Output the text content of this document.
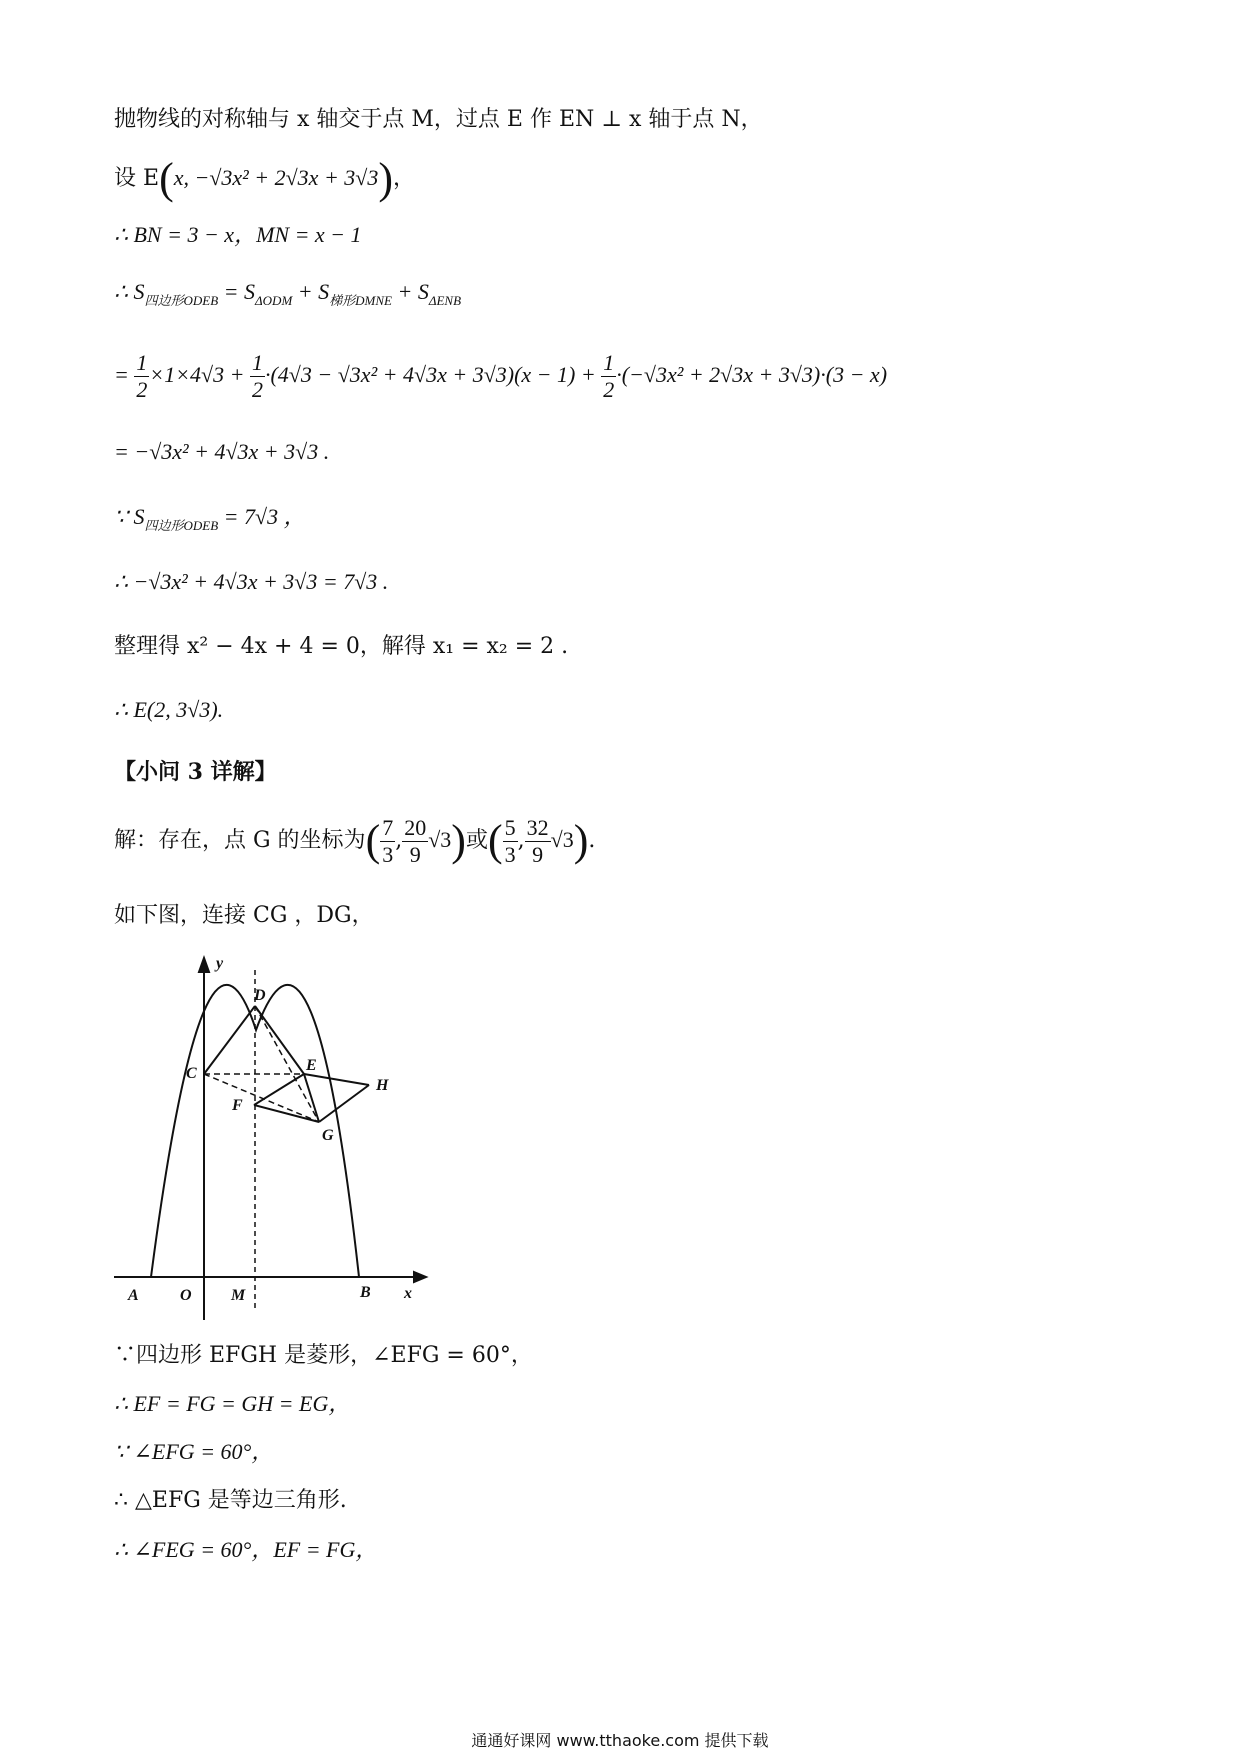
抛物线的对称轴与 x 轴交于点 M，过点 E 作 EN ⊥ x 轴于点 N，
设 E(x, −√3x² + 2√3x + 3√3)，
∴ BN = 3 − x，MN = x − 1
∴ $S_{四边形ODEB} = S_{\Delta ODM} + S_{梯形DMNE} + S_{\Delta ENB}$
= $\frac{1}{2} \times 1\times 4√3 + \frac{1}{2} \cdot(4√3 - √3x^2 + 4√3x + 3√3)(x - 1) + \frac{1}{2} \cdot(-√3x^2 + 2√3x + 3√3)\cdot(3 - x)$
= −√3x² + 4√3x + 3√3 .
∵ $S_{四边形ODEB} = 7√3$ ，
∴ −√3x² + 4√3x + 3√3 = 7√3 .
整理得 x² − 4x + 4 = 0，解得 x₁ = x₂ = 2 .
∴ E(2, 3√3).
【小问 3 详解】
解：存在，点 G 的坐标为( $\frac{7}{3}$ , $\frac{20}{9} √3$)或( $\frac{5}{3}$ , $\frac{32}{9} √3$).
如下图，连接 CG ，DG，
y
x
D
C	E
H
F
G
A	O M	B
∵四边形 EFGH 是菱形，∠EFG = 60°，
∴ EF = FG = GH = EG，
∵ ∠EFG = 60°，
∴ △EFG 是等边三角形.
∴ ∠FEG = 60°，EF = FG，
通通好课网 www.tthaoke.com 提供下载
